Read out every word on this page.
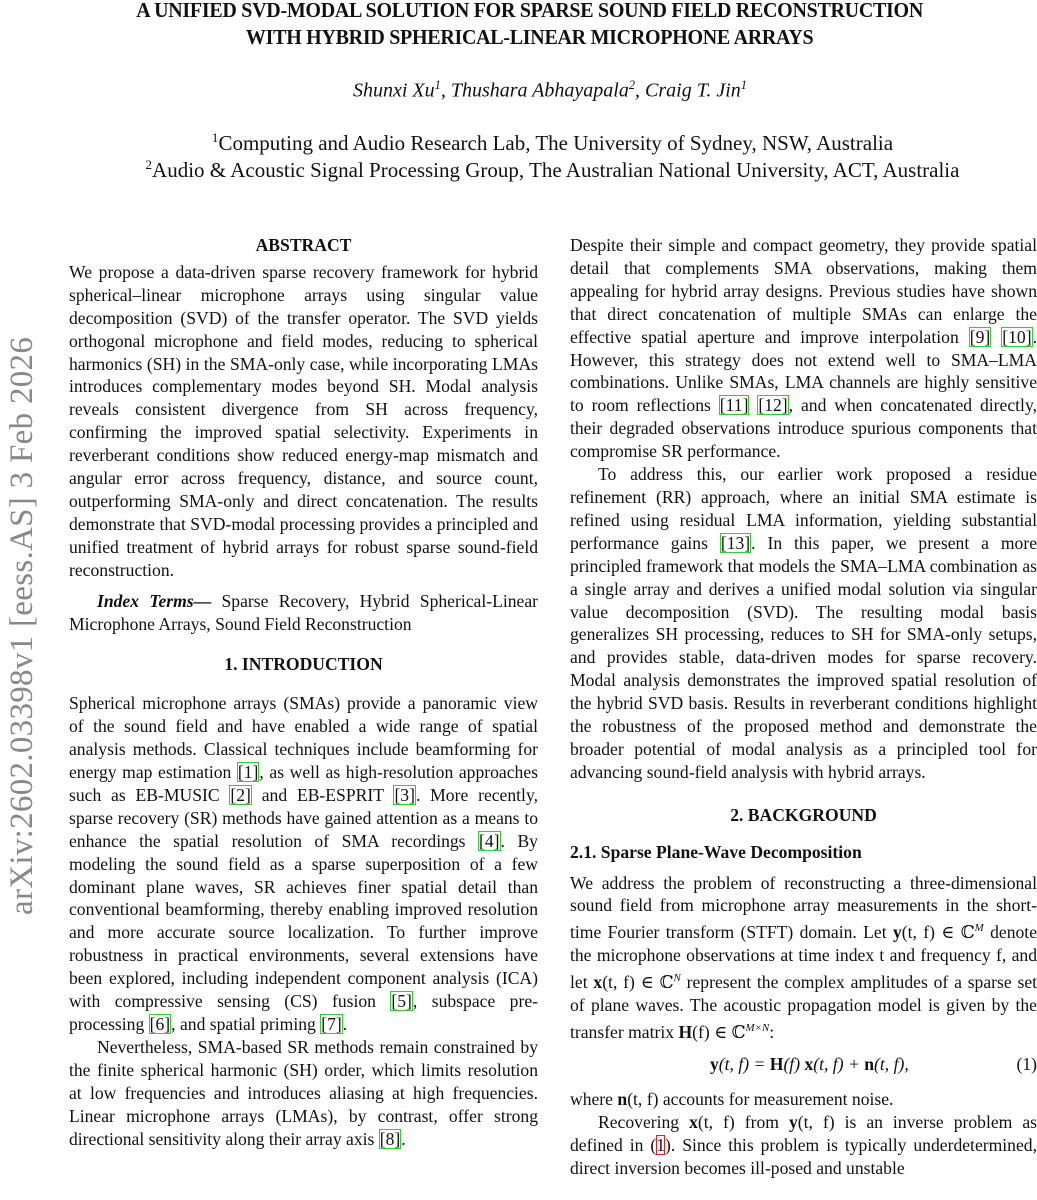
A UNIFIED SVD-MODAL SOLUTION FOR SPARSE SOUND FIELD RECONSTRUCTION
WITH HYBRID SPHERICAL-LINEAR MICROPHONE ARRAYS
Shunxi Xu$^1$, Thushara Abhayapala$^2$, Craig T. Jin$^1$
$^1$Computing and Audio Research Lab, The University of Sydney, NSW, Australia
$^2$Audio & Acoustic Signal Processing Group, The Australian National University, ACT, Australia
arXiv:2602.03398v1 [eess.AS] 3 Feb 2026
ABSTRACT

We propose a data-driven sparse recovery framework for hybrid spherical–linear microphone arrays using singular value decomposition (SVD) of the transfer operator. The SVD yields orthogonal microphone and field modes, reducing to spherical harmonics (SH) in the SMA-only case, while incorporating LMAs introduces complementary modes beyond SH. Modal analysis reveals consistent divergence from SH across frequency, confirming the improved spatial selectivity. Experiments in reverberant conditions show reduced energy-map mismatch and angular error across frequency, distance, and source count, outperforming SMA-only and direct concatenation. The results demonstrate that SVD-modal processing provides a principled and unified treatment of hybrid arrays for robust sparse sound-field reconstruction.

Index Terms— Sparse Recovery, Hybrid Spherical-Linear Microphone Arrays, Sound Field Reconstruction

1. INTRODUCTION

Spherical microphone arrays (SMAs) provide a panoramic view of the sound field and have enabled a wide range of spatial analysis methods. Classical techniques include beamforming for energy map estimation [1], as well as high-resolution approaches such as EB-MUSIC [2] and EB-ESPRIT [3]. More recently, sparse recovery (SR) methods have gained attention as a means to enhance the spatial resolution of SMA recordings [4]. By modeling the sound field as a sparse superposition of a few dominant plane waves, SR achieves finer spatial detail than conventional beamforming, thereby enabling improved resolution and more accurate source localization. To further improve robustness in practical environments, several extensions have been explored, including independent component analysis (ICA) with compressive sensing (CS) fusion [5], subspace pre-processing [6], and spatial priming [7].

Nevertheless, SMA-based SR methods remain constrained by the finite spherical harmonic (SH) order, which limits resolution at low frequencies and introduces aliasing at high frequencies. Linear microphone arrays (LMAs), by contrast, offer strong directional sensitivity along their array axis [8].

Despite their simple and compact geometry, they provide spatial detail that complements SMA observations, making them appealing for hybrid array designs. Previous studies have shown that direct concatenation of multiple SMAs can enlarge the effective spatial aperture and improve interpolation [9] [10]. However, this strategy does not extend well to SMA–LMA combinations. Unlike SMAs, LMA channels are highly sensitive to room reflections [11] [12], and when concatenated directly, their degraded observations introduce spurious components that compromise SR performance.

To address this, our earlier work proposed a residue refinement (RR) approach, where an initial SMA estimate is refined using residual LMA information, yielding substantial performance gains [13]. In this paper, we present a more principled framework that models the SMA–LMA combination as a single array and derives a unified modal solution via singular value decomposition (SVD). The resulting modal basis generalizes SH processing, reduces to SH for SMA-only setups, and provides stable, data-driven modes for sparse recovery. Modal analysis demonstrates the improved spatial resolution of the hybrid SVD basis. Results in reverberant conditions highlight the robustness of the proposed method and demonstrate the broader potential of modal analysis as a principled tool for advancing sound-field analysis with hybrid arrays.

2. BACKGROUND
2.1. Sparse Plane-Wave Decomposition

We address the problem of reconstructing a three-dimensional sound field from microphone array measurements in the short-time Fourier transform (STFT) domain. Let y(t, f) ∈ ℂ$^M$ denote the microphone observations at time index t and frequency f, and let x(t, f) ∈ ℂ$^N$ represent the complex amplitudes of a sparse set of plane waves. The acoustic propagation model is given by the transfer matrix H(f) ∈ ℂ$^{M\times N}$:

y(t, f) = H(f) x(t, f) + n(t, f),	(1)

where n(t, f) accounts for measurement noise.

Recovering x(t, f) from y(t, f) is an inverse problem as defined in (1). Since this problem is typically underdetermined, direct inversion becomes ill-posed and unstable
